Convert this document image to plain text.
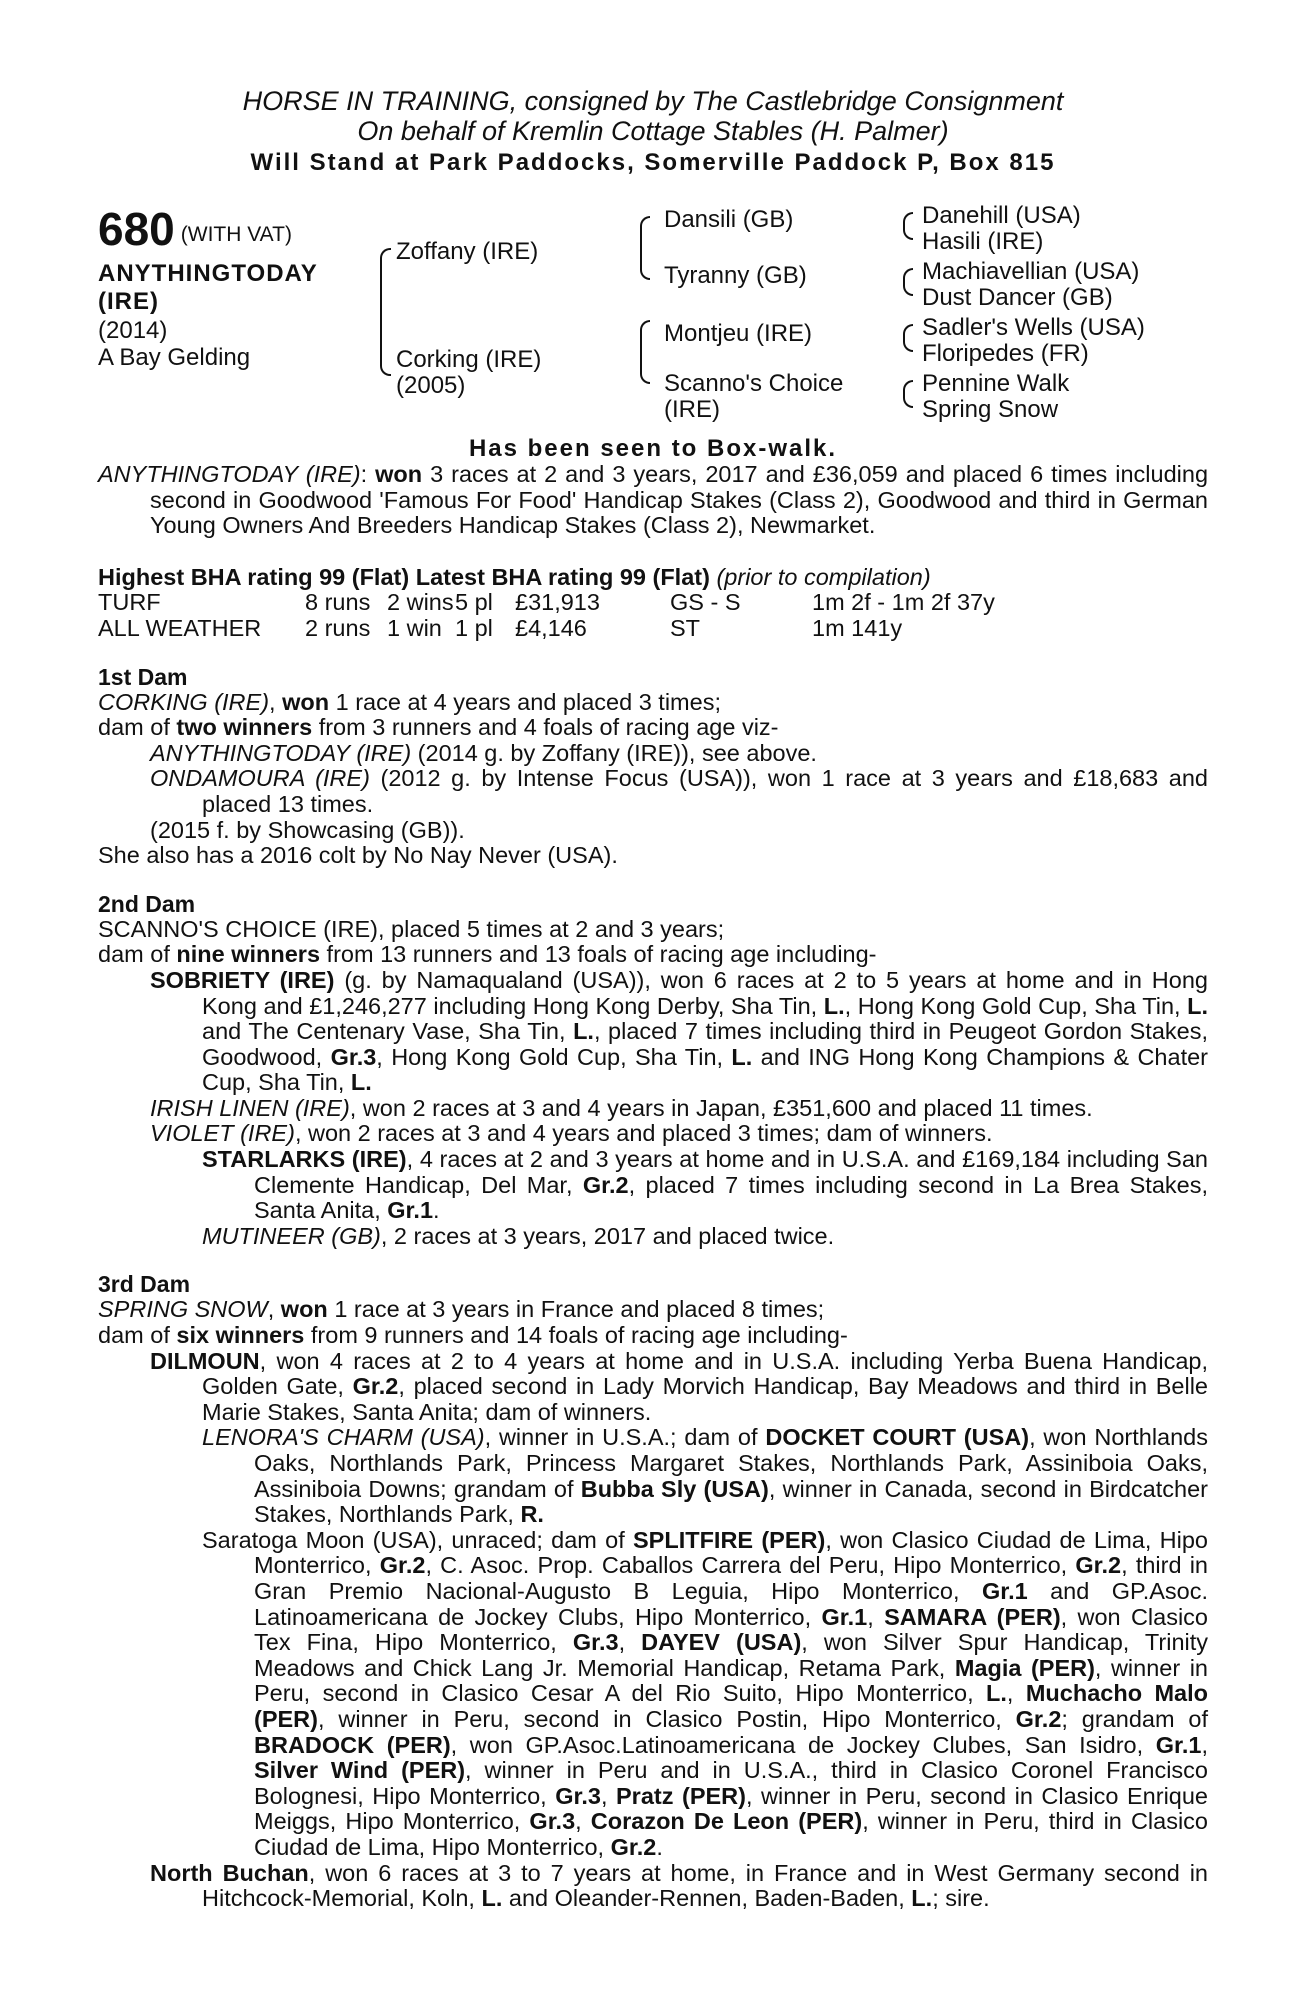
HORSE IN TRAINING, consigned by The Castlebridge Consignment
On behalf of Kremlin Cottage Stables (H. Palmer)
Will Stand at Park Paddocks, Somerville Paddock P, Box 815
680 (WITH VAT)
ANYTHINGTODAY
(IRE)
(2014)
A Bay Gelding
Zoffany (IRE)
Corking (IRE)
(2005)
Dansili (GB)
Tyranny (GB)
Montjeu (IRE)
Scanno's Choice
(IRE)
Danehill (USA)
Hasili (IRE)
Machiavellian (USA)
Dust Dancer (GB)
Sadler's Wells (USA)
Floripedes (FR)
Pennine Walk
Spring Snow
Has been seen to Box-walk.

ANYTHINGTODAY (IRE): won 3 races at 2 and 3 years, 2017 and £36,059 and placed 6 times including second in Goodwood 'Famous For Food' Handicap Stakes (Class 2), Goodwood and third in German Young Owners And Breeders Handicap Stakes (Class 2), Newmarket.

Highest BHA rating 99 (Flat) Latest BHA rating 99 (Flat) (prior to compilation)

TURF	8 runs 2 wins 5 pl £31,913	GS - S	1m 2f - 1m 2f 37y
ALL WEATHER	2 runs 1 win 1 pl £4,146	ST	1m 141y
1st Dam

CORKING (IRE), won 1 race at 4 years and placed 3 times;

dam of two winners from 3 runners and 4 foals of racing age viz-

ANYTHINGTODAY (IRE) (2014 g. by Zoffany (IRE)), see above.

ONDAMOURA (IRE) (2012 g. by Intense Focus (USA)), won 1 race at 3 years and £18,683 and placed 13 times.

(2015 f. by Showcasing (GB)).

She also has a 2016 colt by No Nay Never (USA).

2nd Dam

SCANNO'S CHOICE (IRE), placed 5 times at 2 and 3 years;

dam of nine winners from 13 runners and 13 foals of racing age including-

SOBRIETY (IRE) (g. by Namaqualand (USA)), won 6 races at 2 to 5 years at home and in Hong Kong and £1,246,277 including Hong Kong Derby, Sha Tin, L., Hong Kong Gold Cup, Sha Tin, L. and The Centenary Vase, Sha Tin, L., placed 7 times including third in Peugeot Gordon Stakes, Goodwood, Gr.3, Hong Kong Gold Cup, Sha Tin, L. and ING Hong Kong Champions & Chater Cup, Sha Tin, L.

IRISH LINEN (IRE), won 2 races at 3 and 4 years in Japan, £351,600 and placed 11 times.

VIOLET (IRE), won 2 races at 3 and 4 years and placed 3 times; dam of winners.

STARLARKS (IRE), 4 races at 2 and 3 years at home and in U.S.A. and £169,184 including San Clemente Handicap, Del Mar, Gr.2, placed 7 times including second in La Brea Stakes, Santa Anita, Gr.1.

MUTINEER (GB), 2 races at 3 years, 2017 and placed twice.

3rd Dam

SPRING SNOW, won 1 race at 3 years in France and placed 8 times;

dam of six winners from 9 runners and 14 foals of racing age including-

DILMOUN, won 4 races at 2 to 4 years at home and in U.S.A. including Yerba Buena Handicap, Golden Gate, Gr.2, placed second in Lady Morvich Handicap, Bay Meadows and third in Belle Marie Stakes, Santa Anita; dam of winners.

LENORA'S CHARM (USA), winner in U.S.A.; dam of DOCKET COURT (USA), won Northlands Oaks, Northlands Park, Princess Margaret Stakes, Northlands Park, Assiniboia Oaks, Assiniboia Downs; grandam of Bubba Sly (USA), winner in Canada, second in Birdcatcher Stakes, Northlands Park, R.

Saratoga Moon (USA), unraced; dam of SPLITFIRE (PER), won Clasico Ciudad de Lima, Hipo Monterrico, Gr.2, C. Asoc. Prop. Caballos Carrera del Peru, Hipo Monterrico, Gr.2, third in Gran Premio Nacional-Augusto B Leguia, Hipo Monterrico, Gr.1 and GP.Asoc. Latinoamericana de Jockey Clubs, Hipo Monterrico, Gr.1, SAMARA (PER), won Clasico Tex Fina, Hipo Monterrico, Gr.3, DAYEV (USA), won Silver Spur Handicap, Trinity Meadows and Chick Lang Jr. Memorial Handicap, Retama Park, Magia (PER), winner in Peru, second in Clasico Cesar A del Rio Suito, Hipo Monterrico, L., Muchacho Malo (PER), winner in Peru, second in Clasico Postin, Hipo Monterrico, Gr.2; grandam of BRADOCK (PER), won GP.Asoc.Latinoamericana de Jockey Clubes, San Isidro, Gr.1, Silver Wind (PER), winner in Peru and in U.S.A., third in Clasico Coronel Francisco Bolognesi, Hipo Monterrico, Gr.3, Pratz (PER), winner in Peru, second in Clasico Enrique Meiggs, Hipo Monterrico, Gr.3, Corazon De Leon (PER), winner in Peru, third in Clasico Ciudad de Lima, Hipo Monterrico, Gr.2.

North Buchan, won 6 races at 3 to 7 years at home, in France and in West Germany second in Hitchcock-Memorial, Koln, L. and Oleander-Rennen, Baden-Baden, L.; sire.
